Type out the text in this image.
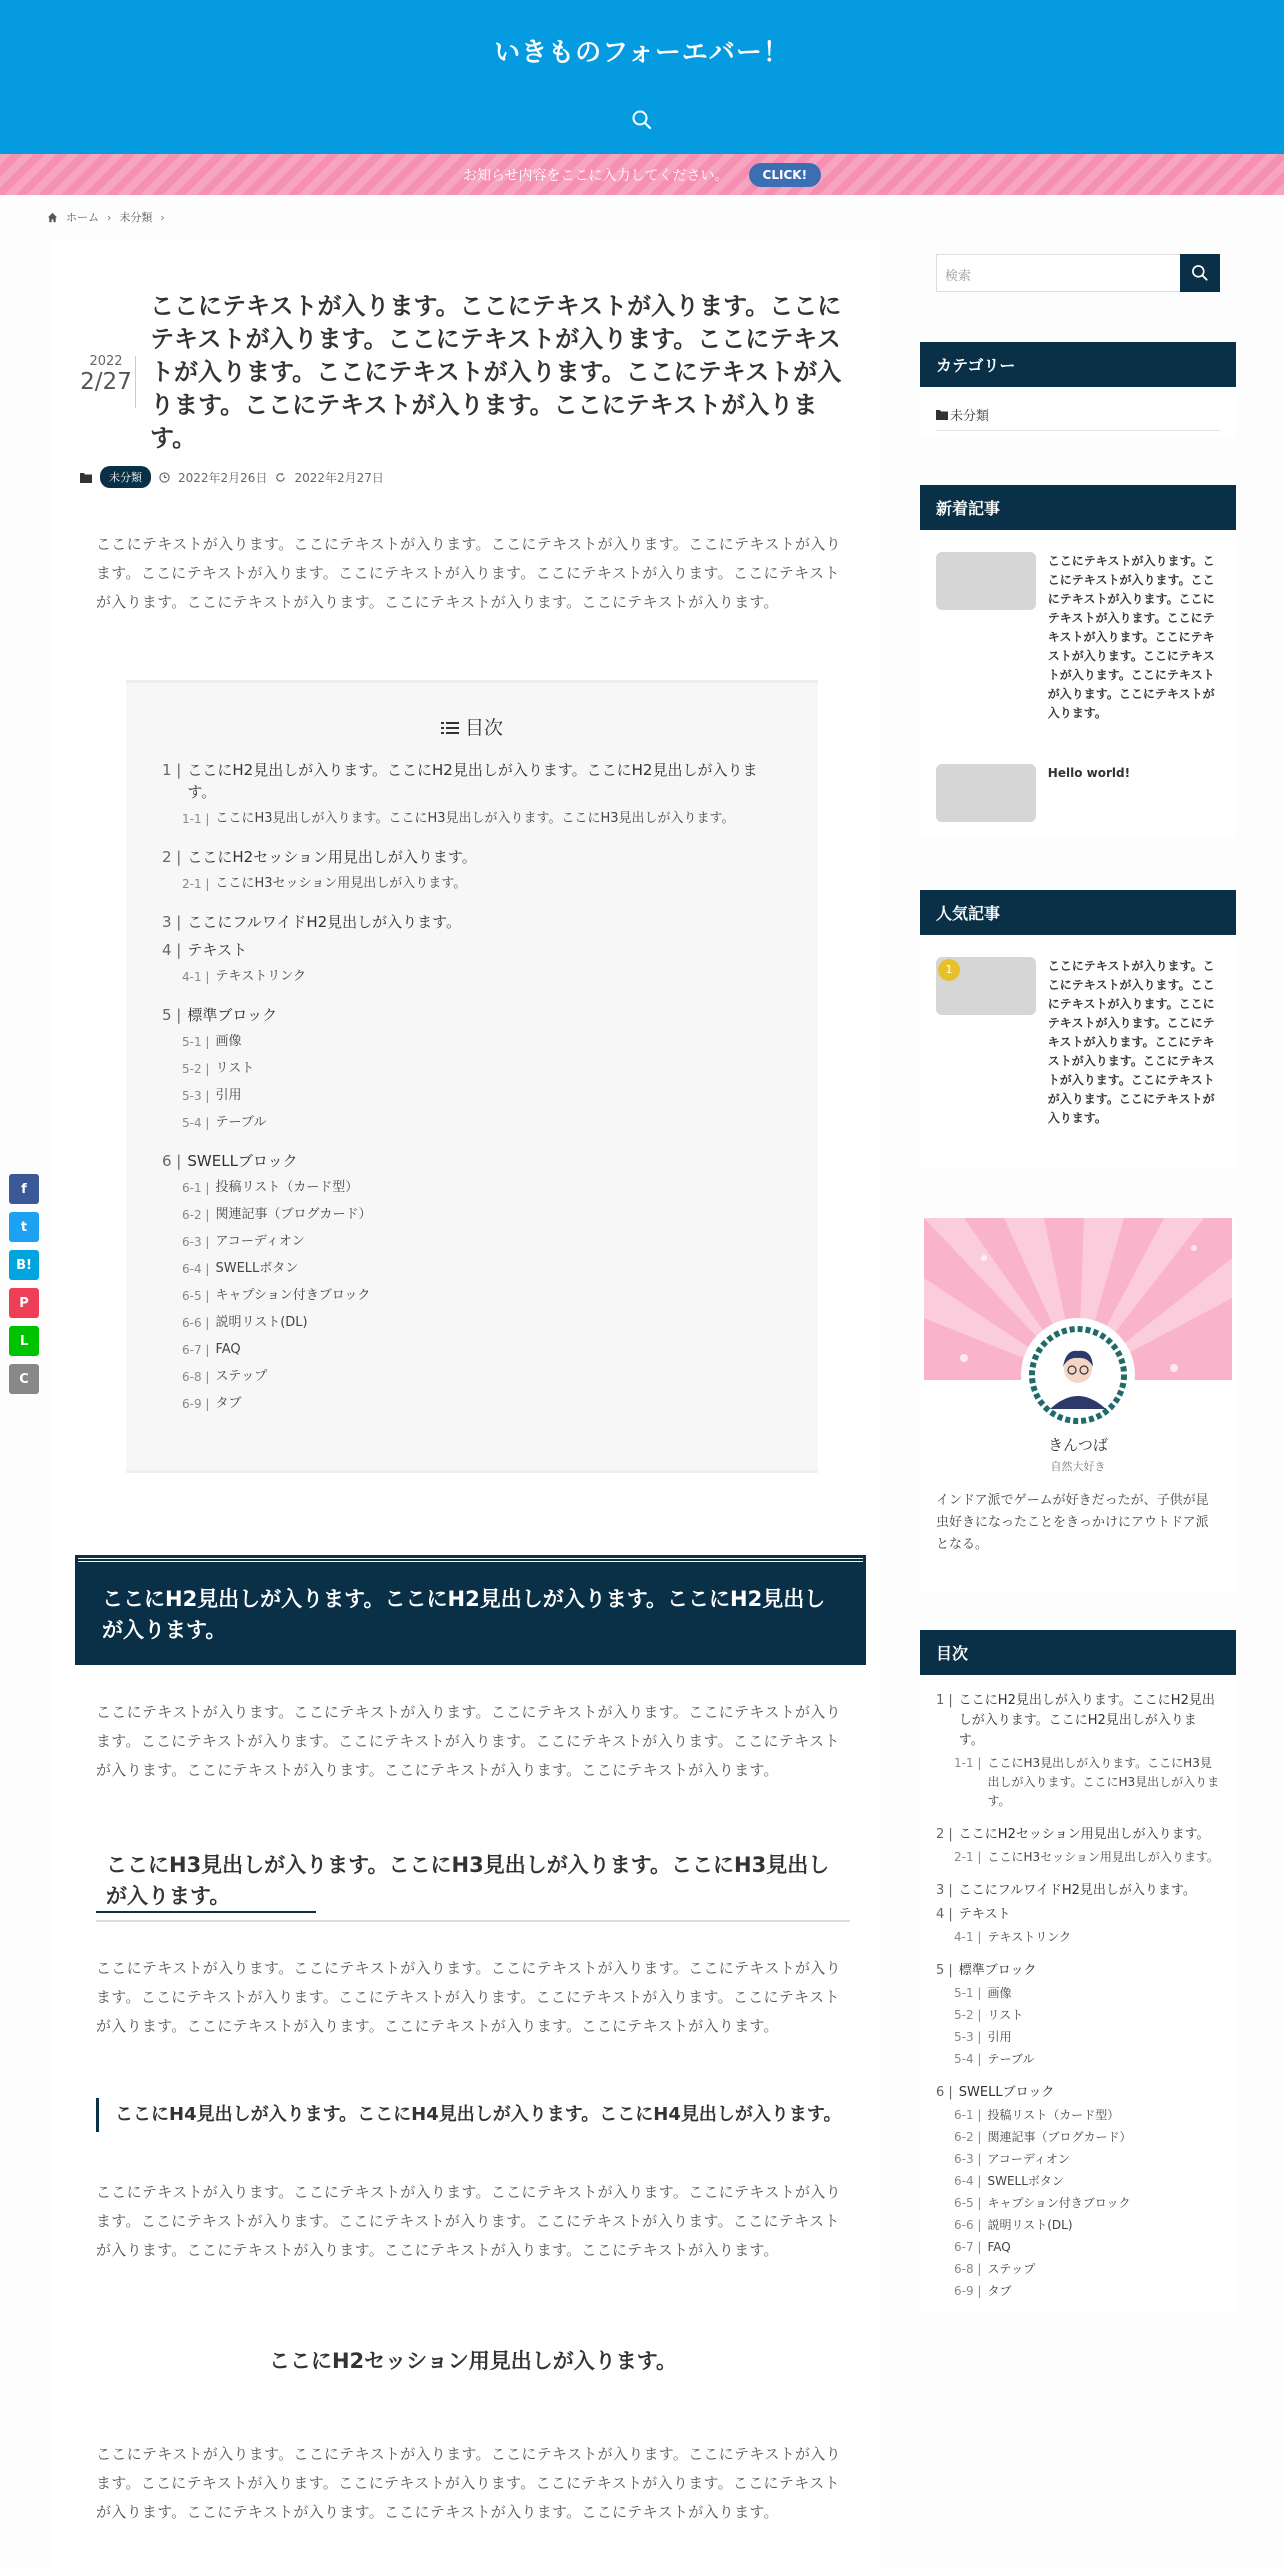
いきものフォーエバー！
お知らせ内容をここに入力してください。	CLICK!
ホーム › 未分類 ›
2022
2/27
ここにテキストが入ります。ここにテキストが入ります。ここにテキストが入ります。ここにテキストが入ります。ここにテキストが入ります。ここにテキストが入ります。ここにテキストが入ります。ここにテキストが入ります。ここにテキストが入ります。
未分類	2022年2月26日 2022年2月27日

ここにテキストが入ります。ここにテキストが入ります。ここにテキストが入ります。ここにテキストが入ります。ここにテキストが入ります。ここにテキストが入ります。ここにテキストが入ります。ここにテキストが入ります。ここにテキストが入ります。ここにテキストが入ります。ここにテキストが入ります。

目次
1 | ここにH2見出しが入ります。ここにH2見出しが入ります。ここにH2見出しが入ります。
1-1 | ここにH3見出しが入ります。ここにH3見出しが入ります。ここにH3見出しが入ります。
2 | ここにH2セッション用見出しが入ります。
2-1 | ここにH3セッション用見出しが入ります。
3 | ここにフルワイドH2見出しが入ります。
4 | テキスト
4-1 | テキストリンク
5 | 標準ブロック
5-1 | 画像
5-2 | リスト
5-3 | 引用
5-4 | テーブル
6 | SWELLブロック
6-1 | 投稿リスト（カード型）
6-2 | 関連記事（ブログカード）
6-3 | アコーディオン
6-4 | SWELLボタン
6-5 | キャプション付きブロック
6-6 | 説明リスト(DL)
6-7 | FAQ
6-8 | ステップ
6-9 | タブ
ここにH2見出しが入ります。ここにH2見出しが入ります。ここにH2見出しが入ります。

ここにテキストが入ります。ここにテキストが入ります。ここにテキストが入ります。ここにテキストが入ります。ここにテキストが入ります。ここにテキストが入ります。ここにテキストが入ります。ここにテキストが入ります。ここにテキストが入ります。ここにテキストが入ります。ここにテキストが入ります。

ここにH3見出しが入ります。ここにH3見出しが入ります。ここにH3見出しが入ります。

ここにテキストが入ります。ここにテキストが入ります。ここにテキストが入ります。ここにテキストが入ります。ここにテキストが入ります。ここにテキストが入ります。ここにテキストが入ります。ここにテキストが入ります。ここにテキストが入ります。ここにテキストが入ります。ここにテキストが入ります。

ここにH4見出しが入ります。ここにH4見出しが入ります。ここにH4見出しが入ります。

ここにテキストが入ります。ここにテキストが入ります。ここにテキストが入ります。ここにテキストが入ります。ここにテキストが入ります。ここにテキストが入ります。ここにテキストが入ります。ここにテキストが入ります。ここにテキストが入ります。ここにテキストが入ります。ここにテキストが入ります。

ここにH2セッション用見出しが入ります。

ここにテキストが入ります。ここにテキストが入ります。ここにテキストが入ります。ここにテキストが入ります。ここにテキストが入ります。ここにテキストが入ります。ここにテキストが入ります。ここにテキストが入ります。ここにテキストが入ります。ここにテキストが入ります。ここにテキストが入ります。

f
t
B!
P
L
C
検索
カテゴリー
未分類
新着記事
ここにテキストが入ります。ここにテキストが入ります。ここにテキストが入ります。ここにテキストが入ります。ここにテキストが入ります。ここにテキストが入ります。ここにテキストが入ります。ここにテキストが入ります。ここにテキストが入ります。
Hello world!
人気記事
1	ここにテキストが入ります。ここにテキストが入ります。ここにテキストが入ります。ここにテキストが入ります。ここにテキストが入ります。ここにテキストが入ります。ここにテキストが入ります。ここにテキストが入ります。ここにテキストが入ります。
きんつば
自然大好き
インドア派でゲームが好きだったが、子供が昆虫好きになったことをきっかけにアウトドア派となる。
目次
1 | ここにH2見出しが入ります。ここにH2見出しが入ります。ここにH2見出しが入ります。
1-1 | ここにH3見出しが入ります。ここにH3見出しが入ります。ここにH3見出しが入ります。
2 | ここにH2セッション用見出しが入ります。
2-1 | ここにH3セッション用見出しが入ります。
3 | ここにフルワイドH2見出しが入ります。
4 | テキスト
4-1 | テキストリンク
5 | 標準ブロック
5-1 | 画像
5-2 | リスト
5-3 | 引用
5-4 | テーブル
6 | SWELLブロック
6-1 | 投稿リスト（カード型）
6-2 | 関連記事（ブログカード）
6-3 | アコーディオン
6-4 | SWELLボタン
6-5 | キャプション付きブロック
6-6 | 説明リスト(DL)
6-7 | FAQ
6-8 | ステップ
6-9 | タブ
